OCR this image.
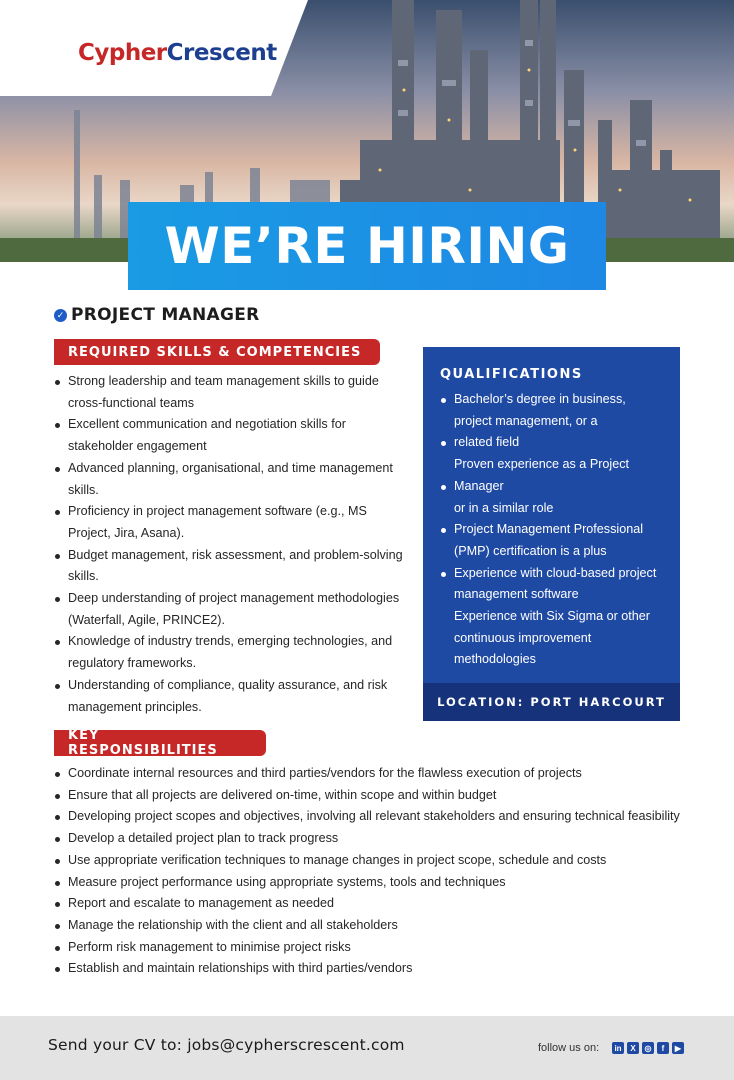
CypherCrescent
WE’RE HIRING
✓ PROJECT MANAGER
REQUIRED SKILLS & COMPETENCIES
Strong leadership and team management skills to guide cross-functional teams
Excellent communication and negotiation skills for stakeholder engagement
Advanced planning, organisational, and time management skills.
Proficiency in project management software (e.g., MS Project, Jira, Asana).
Budget management, risk assessment, and problem-solving skills.
Deep understanding of project management methodologies (Waterfall, Agile, PRINCE2).
Knowledge of industry trends, emerging technologies, and regulatory frameworks.
Understanding of compliance, quality assurance, and risk management principles.
QUALIFICATIONS
Bachelor’s degree in business,
project management, or a
related field
Proven experience as a Project
Manager
or in a similar role
Project Management Professional
(PMP) certification is a plus
Experience with cloud-based project
management software
Experience with Six Sigma or other
continuous improvement
methodologies
LOCATION: PORT HARCOURT
KEY RESPONSIBILITIES
Coordinate internal resources and third parties/vendors for the flawless execution of projects
Ensure that all projects are delivered on-time, within scope and within budget
Developing project scopes and objectives, involving all relevant stakeholders and ensuring technical feasibility
Develop a detailed project plan to track progress
Use appropriate verification techniques to manage changes in project scope, schedule and costs
Measure project performance using appropriate systems, tools and techniques
Report and escalate to management as needed
Manage the relationship with the client and all stakeholders
Perform risk management to minimise project risks
Establish and maintain relationships with third parties/vendors
Send your CV to: jobs@cypherscrescent.com	follow us on:	in	X	◎	f	▶
